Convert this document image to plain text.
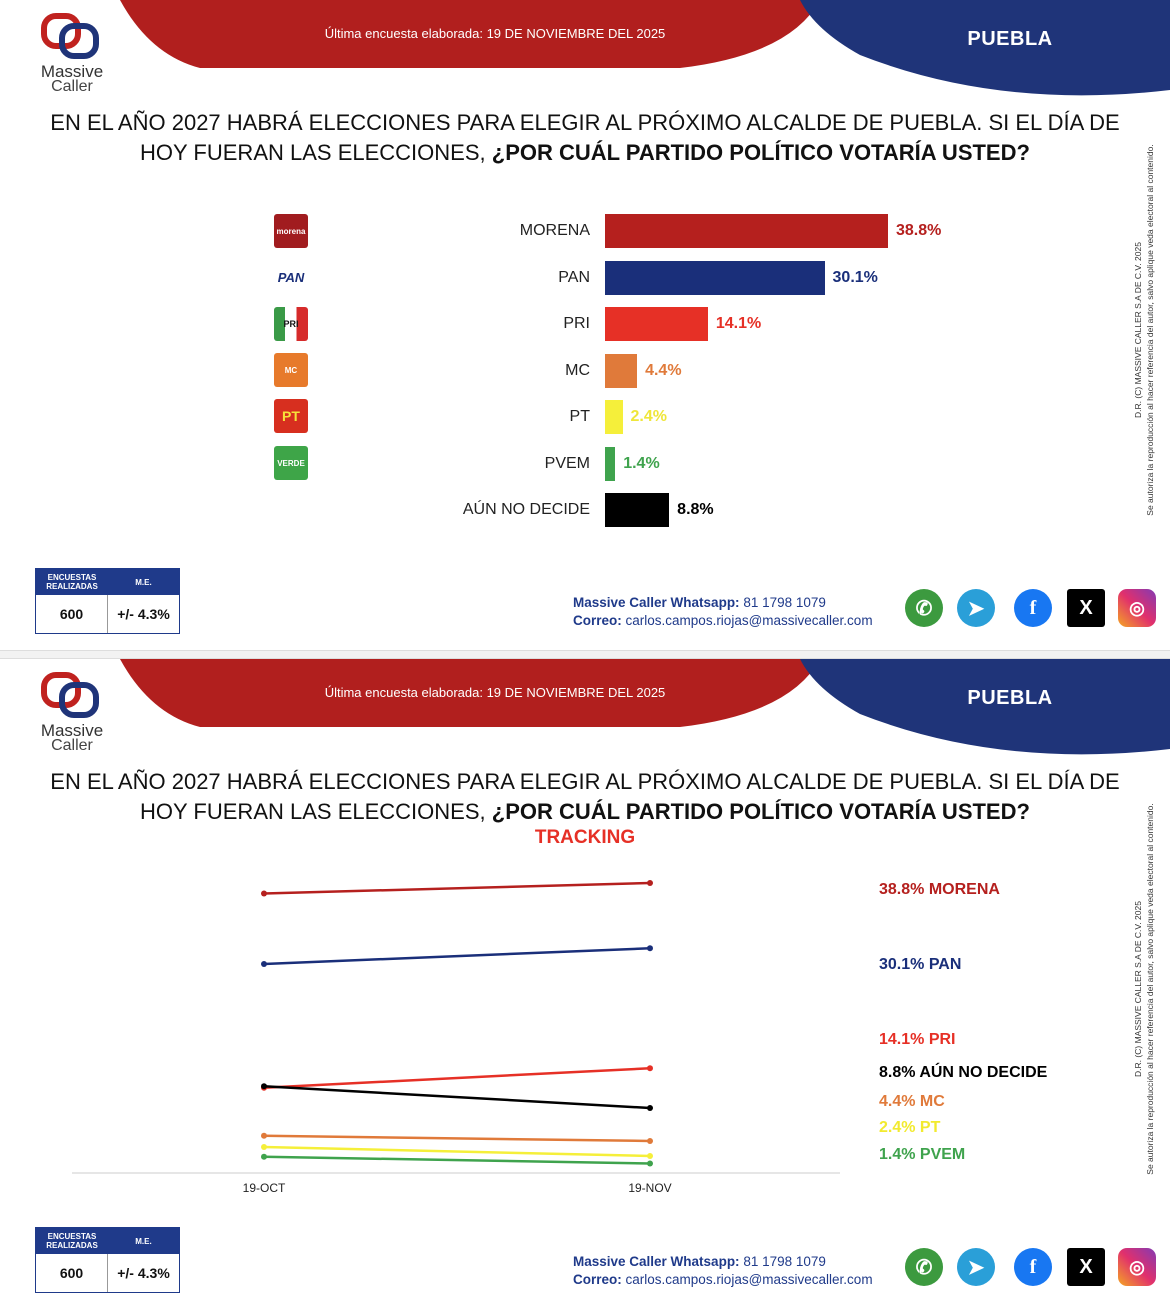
Última encuesta elaborada: 19 DE NOVIEMBRE DEL 2025	PUEBLA
Massive
Caller
EN EL AÑO 2027 HABRÁ ELECCIONES PARA ELEGIR AL PRÓXIMO ALCALDE DE PUEBLA. SI EL DÍA DE HOY FUERAN LAS ELECCIONES, ¿POR CUÁL PARTIDO POLÍTICO VOTARÍA USTED?
D.R. (C) MASSIVE CALLER S.A DE C.V. 2025 Se autoriza la reproducción al hacer referencia del autor, salvo aplique veda electoral al contenido.
morena
PAN
PRI
MC
PT
VERDE
MORENA	38.8%
PAN	30.1%
PRI	14.1%
MC	4.4%
PT	2.4%
PVEM 1.4%
AÚN NO DECIDE	8.8%
ENCUESTAS REALIZADAS	M.E.
600	+/- 4.3%
Massive Caller Whatsapp: 81 1798 1079
Correo: carlos.campos.riojas@massivecaller.com
✆	➤	f	X	◎
Última encuesta elaborada: 19 DE NOVIEMBRE DEL 2025	PUEBLA
Massive
Caller
EN EL AÑO 2027 HABRÁ ELECCIONES PARA ELEGIR AL PRÓXIMO ALCALDE DE PUEBLA. SI EL DÍA DE HOY FUERAN LAS ELECCIONES, ¿POR CUÁL PARTIDO POLÍTICO VOTARÍA USTED?
TRACKING
D.R. (C) MASSIVE CALLER S.A DE C.V. 2025 Se autoriza la reproducción al hacer referencia del autor, salvo aplique veda electoral al contenido.
19-OCT	19-NOV
38.8% MORENA
30.1% PAN
14.1% PRI
8.8% AÚN NO DECIDE
4.4% MC
2.4% PT
1.4% PVEM
ENCUESTAS REALIZADAS	M.E.
600	+/- 4.3%
Massive Caller Whatsapp: 81 1798 1079
Correo: carlos.campos.riojas@massivecaller.com
✆	➤	f	X	◎
